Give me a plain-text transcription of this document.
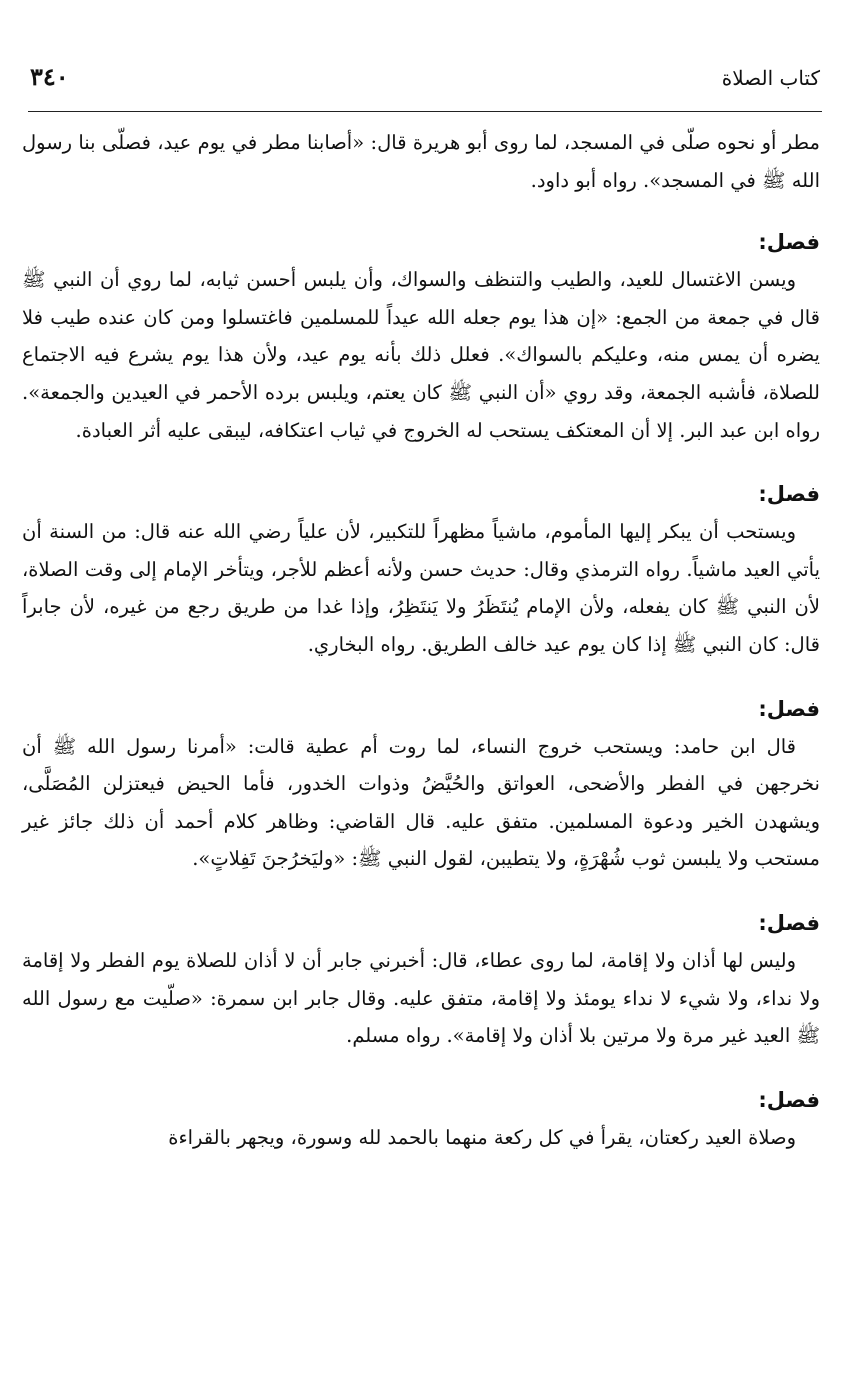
٣٤٠	كتاب الصلاة

مطر أو نحوه صلّى في المسجد، لما روى أبو هريرة قال: «أصابنا مطر في يوم عيد، فصلّى بنا رسول الله ﷺ في المسجد». رواه أبو داود.

فصل:

ويسن الاغتسال للعيد، والطيب والتنظف والسواك، وأن يلبس أحسن ثيابه، لما روي أن النبي ﷺ قال في جمعة من الجمع: «إن هذا يوم جعله الله عيداً للمسلمين فاغتسلوا ومن كان عنده طيب فلا يضره أن يمس منه، وعليكم بالسواك». فعلل ذلك بأنه يوم عيد، ولأن هذا يوم يشرع فيه الاجتماع للصلاة، فأشبه الجمعة، وقد روي «أن النبي ﷺ كان يعتم، ويلبس برده الأحمر في العيدين والجمعة». رواه ابن عبد البر. إلا أن المعتكف يستحب له الخروج في ثياب اعتكافه، ليبقى عليه أثر العبادة.

فصل:

ويستحب أن يبكر إليها المأموم، ماشياً مظهراً للتكبير، لأن علياً رضي الله عنه قال: من السنة أن يأتي العيد ماشياً. رواه الترمذي وقال: حديث حسن ولأنه أعظم للأجر، ويتأخر الإمام إلى وقت الصلاة، لأن النبي ﷺ كان يفعله، ولأن الإمام يُنتَظَرُ ولا يَنتَظِرُ، وإذا غدا من طريق رجع من غيره، لأن جابراً قال: كان النبي ﷺ إذا كان يوم عيد خالف الطريق. رواه البخاري.

فصل:

قال ابن حامد: ويستحب خروج النساء، لما روت أم عطية قالت: «أمرنا رسول الله ﷺ أن نخرجهن في الفطر والأضحى، العواتق والحُيَّضُ وذوات الخدور، فأما الحيض فيعتزلن المُصَلَّى، ويشهدن الخير ودعوة المسلمين. متفق عليه. قال القاضي: وظاهر كلام أحمد أن ذلك جائز غير مستحب ولا يلبسن ثوب شُهْرَةٍ، ولا يتطيبن، لقول النبي ﷺ: «وليَخرُجنَ تَفِلاتٍ».

فصل:

وليس لها أذان ولا إقامة، لما روى عطاء، قال: أخبرني جابر أن لا أذان للصلاة يوم الفطر ولا إقامة ولا نداء، ولا شيء لا نداء يومئذ ولا إقامة، متفق عليه. وقال جابر ابن سمرة: «صلّيت مع رسول الله ﷺ العيد غير مرة ولا مرتين بلا أذان ولا إقامة». رواه مسلم.

فصل:

وصلاة العيد ركعتان، يقرأ في كل ركعة منهما بالحمد لله وسورة، ويجهر بالقراءة
